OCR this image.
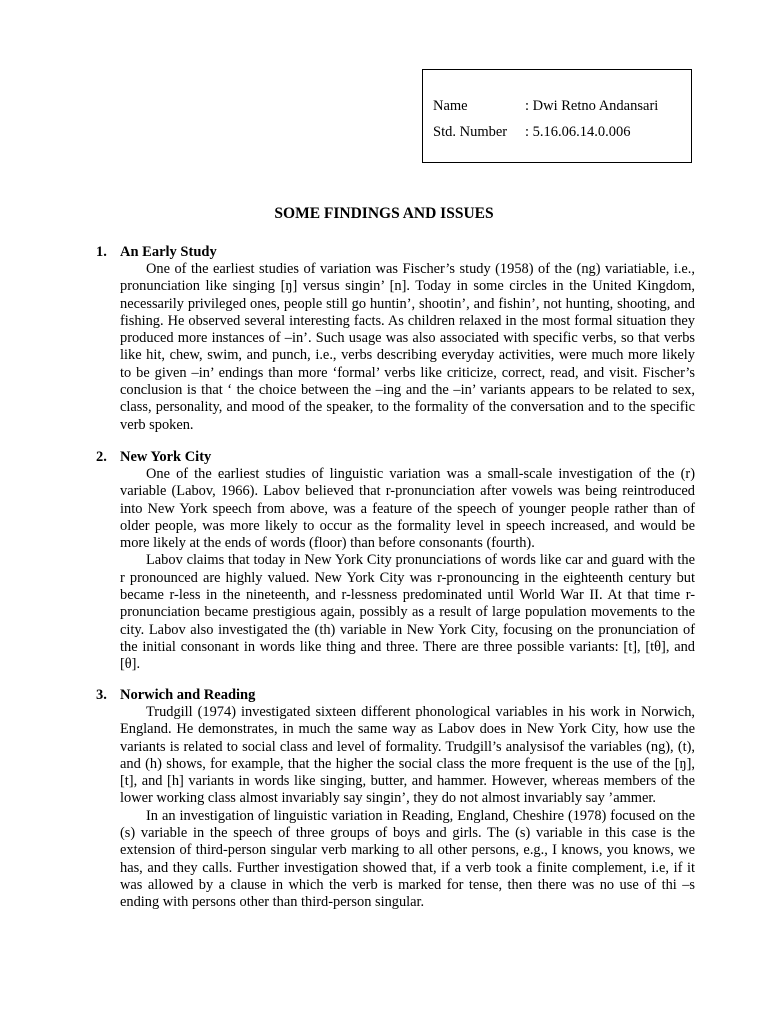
Name	: Dwi Retno Andansari
Std. Number : 5.16.06.14.0.006
SOME FINDINGS AND ISSUES
1. An Early Study

One of the earliest studies of variation was Fischer’s study (1958) of the (ng) variatiable, i.e., pronunciation like singing [ŋ] versus singin’ [n]. Today in some circles in the United Kingdom, necessarily privileged ones, people still go huntin’, shootin’, and fishin’, not hunting, shooting, and fishing. He observed several interesting facts. As children relaxed in the most formal situation they produced more instances of –in’. Such usage was also associated with specific verbs, so that verbs like hit, chew, swim, and punch, i.e., verbs describing everyday activities, were much more likely to be given –in’ endings than more ‘formal’ verbs like criticize, correct, read, and visit. Fischer’s conclusion is that ‘ the choice between the –ing and the –in’ variants appears to be related to sex, class, personality, and mood of the speaker, to the formality of the conversation and to the specific verb spoken.

2. New York City

One of the earliest studies of linguistic variation was a small-scale investigation of the (r) variable (Labov, 1966). Labov believed that r-pronunciation after vowels was being reintroduced into New York speech from above, was a feature of the speech of younger people rather than of older people, was more likely to occur as the formality level in speech increased, and would be more likely at the ends of words (floor) than before consonants (fourth).

Labov claims that today in New York City pronunciations of words like car and guard with the r pronounced are highly valued. New York City was r-pronouncing in the eighteenth century but became r-less in the nineteenth, and r-lessness predominated until World War II. At that time r-pronunciation became prestigious again, possibly as a result of large population movements to the city. Labov also investigated the (th) variable in New York City, focusing on the pronunciation of the initial consonant in words like thing and three. There are three possible variants: [t], [tθ], and [θ].

3. Norwich and Reading

Trudgill (1974) investigated sixteen different phonological variables in his work in Norwich, England. He demonstrates, in much the same way as Labov does in New York City, how use the variants is related to social class and level of formality. Trudgill’s analysisof the variables (ng), (t), and (h) shows, for example, that the higher the social class the more frequent is the use of the [ŋ], [t], and [h] variants in words like singing, butter, and hammer. However, whereas members of the lower working class almost invariably say singin’, they do not almost invariably say ’ammer.

In an investigation of linguistic variation in Reading, England, Cheshire (1978) focused on the (s) variable in the speech of three groups of boys and girls. The (s) variable in this case is the extension of third-person singular verb marking to all other persons, e.g., I knows, you knows, we has, and they calls. Further investigation showed that, if a verb took a finite complement, i.e, if it was allowed by a clause in which the verb is marked for tense, then there was no use of thi –s ending with persons other than third-person singular.
